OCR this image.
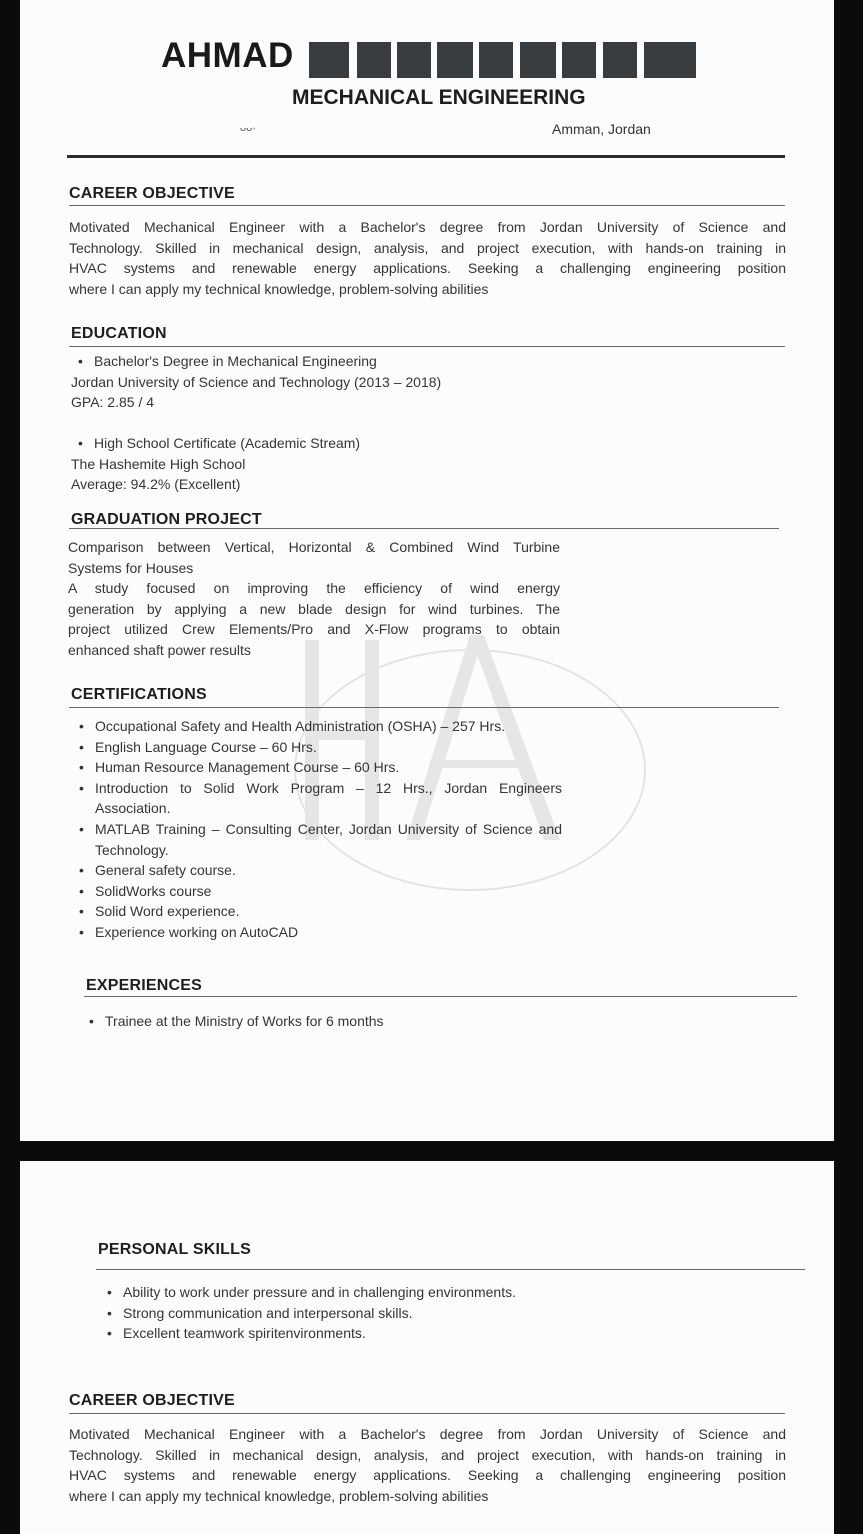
AHMAD
MECHANICAL ENGINEERING
ᴗᴗ˴	Amman, Jordan
CAREER OBJECTIVE
Motivated Mechanical Engineer with a Bachelor's degree from Jordan University of Science and
Technology. Skilled in mechanical design, analysis, and project execution, with hands-on training in
HVAC systems and renewable energy applications. Seeking a challenging engineering position
where I can apply my technical knowledge, problem-solving abilities
EDUCATION
• Bachelor's Degree in Mechanical Engineering
Jordan University of Science and Technology (2013 – 2018)
GPA: 2.85 / 4
• High School Certificate (Academic Stream)
The Hashemite High School
Average: 94.2% (Excellent)
GRADUATION PROJECT
Comparison between Vertical, Horizontal & Combined Wind Turbine
Systems for Houses
A study focused on improving the efficiency of wind energy
generation by applying a new blade design for wind turbines. The
project utilized Crew Elements/Pro and X-Flow programs to obtain
enhanced shaft power results
CERTIFICATIONS
• Occupational Safety and Health Administration (OSHA) – 257 Hrs.
• English Language Course – 60 Hrs.
• Human Resource Management Course – 60 Hrs.
• Introduction to Solid Work Program – 12 Hrs., Jordan Engineers Association.
• MATLAB Training – Consulting Center, Jordan University of Science and Technology.
• General safety course.
• SolidWorks course
• Solid Word experience.
• Experience working on AutoCAD
EXPERIENCES
• Trainee at the Ministry of Works for 6 months
PERSONAL SKILLS
• Ability to work under pressure and in challenging environments.
• Strong communication and interpersonal skills.
• Excellent teamwork spiritenvironments.
CAREER OBJECTIVE
Motivated Mechanical Engineer with a Bachelor's degree from Jordan University of Science and
Technology. Skilled in mechanical design, analysis, and project execution, with hands-on training in
HVAC systems and renewable energy applications. Seeking a challenging engineering position
where I can apply my technical knowledge, problem-solving abilities
